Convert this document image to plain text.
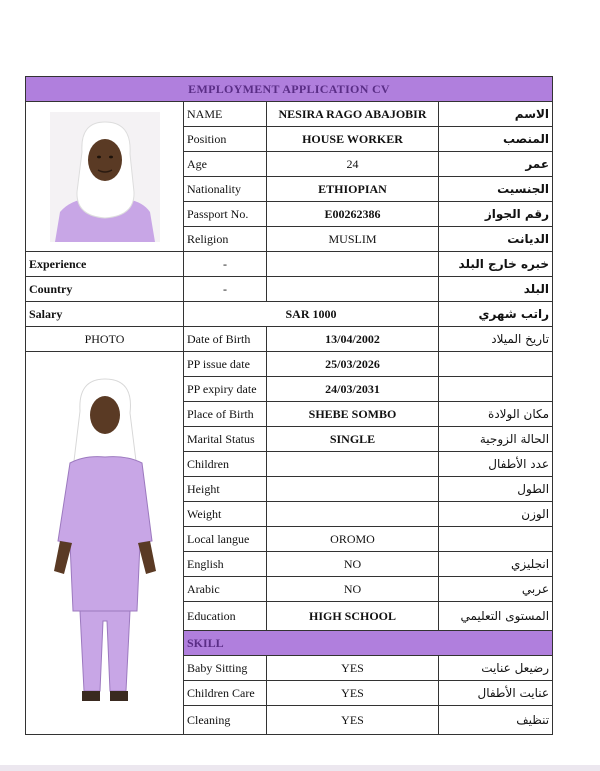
EMPLOYMENT APPLICATION CV			

	NAME	NESIRA RAGO ABAJOBIR	الاسم
	Position	HOUSE WORKER	المنصب
	Age	24	عمر
	Nationality	ETHIOPIAN	الجنسيت
	Passport No.	E00262386	رقم الجواز
	Religion	MUSLIM	الديانت
Experience	-		خبره خارج البلد
Country	-		البلد
Salary	SAR 1000		راتب شهري
PHOTO	Date of Birth	13/04/2002	تاريخ الميلاد

	PP issue date	25/03/2026	
	PP expiry date	24/03/2031	
	Place of Birth	SHEBE SOMBO	مكان الولادة
	Marital Status	SINGLE	الحالة الزوجية
	Children		عدد الأطفال
	Height		الطول
	Weight		الوزن
	Local langue	OROMO	
	English	NO	انجليزي
	Arabic	NO	عربي
	Education	HIGH SCHOOL	المستوى التعليمي
	SKILL		
	Baby Sitting	YES	رضيعل عنايت
	Children Care	YES	عنايت الأطفال
	Cleaning	YES	تنظيف
